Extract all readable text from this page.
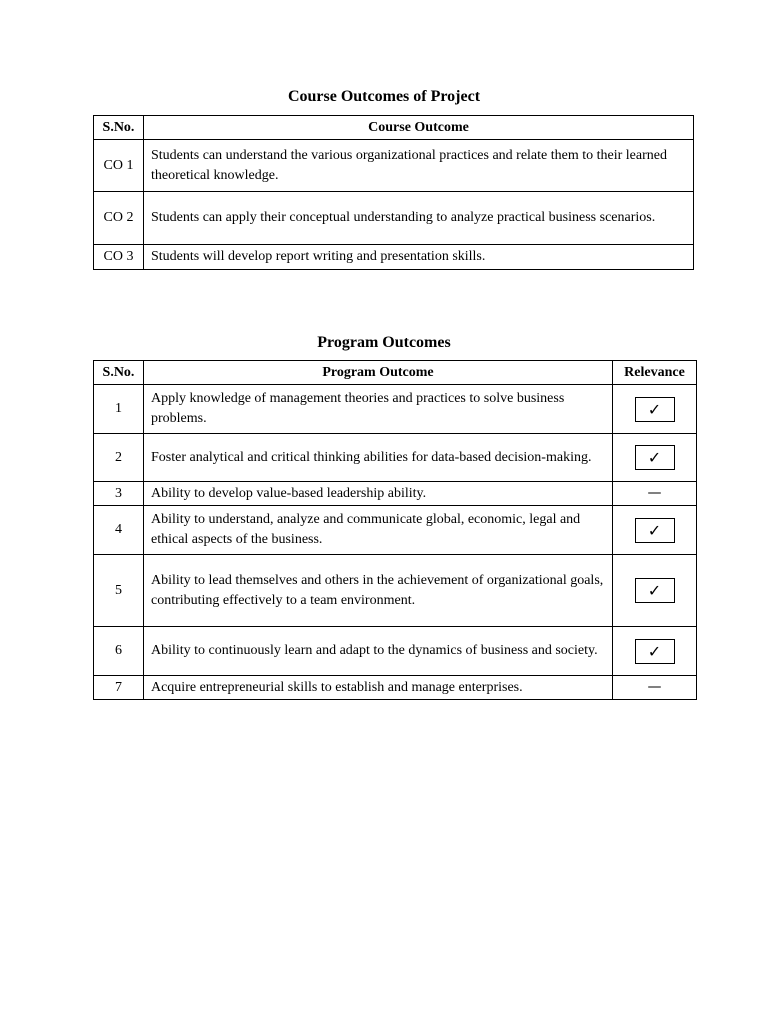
Course Outcomes of Project
S.No.	Course Outcome
CO 1	Students can understand the various organizational practices and relate them to their learned theoretical knowledge.
CO 2	Students can apply their conceptual understanding to analyze practical business scenarios.
CO 3	Students will develop report writing and presentation skills.
Program Outcomes
S.No.	Program Outcome	Relevance
1	Apply knowledge of management theories and practices to solve business problems.	✓
2	Foster analytical and critical thinking abilities for data-based decision-making.	✓
3	Ability to develop value-based leadership ability.	—
4	Ability to understand, analyze and communicate global, economic, legal and ethical aspects of the business.	✓
5	Ability to lead themselves and others in the achievement of organizational goals, contributing effectively to a team environment.	✓
6	Ability to continuously learn and adapt to the dynamics of business and society.	✓
7	Acquire entrepreneurial skills to establish and manage enterprises.	—
